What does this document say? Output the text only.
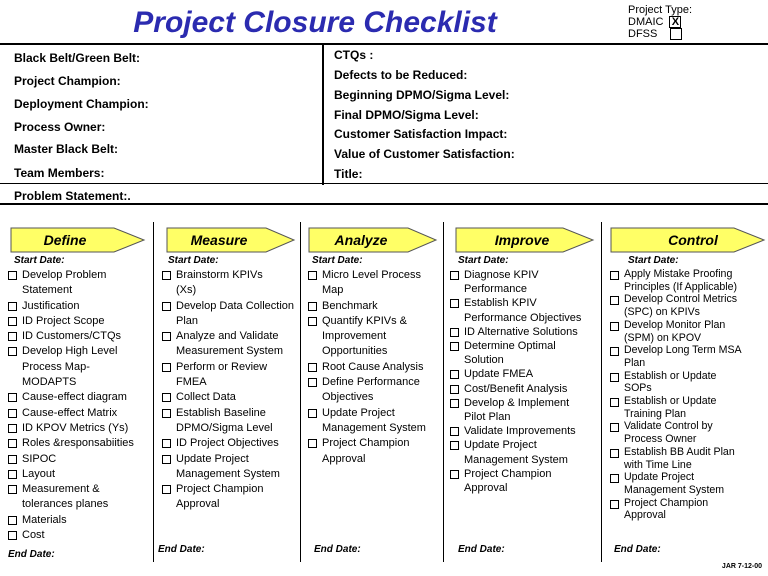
Project Closure Checklist	Project Type:
DMAIC X
DFSS
Black Belt/Green Belt:
Project Champion:
Deployment Champion:
Process Owner:
Master Black Belt:
Team Members:
CTQs :
Defects to be Reduced:
Beginning DPMO/Sigma Level:
Final DPMO/Sigma Level:
Customer Satisfaction Impact:
Value of Customer Satisfaction:
Title:
Problem Statement:.
Define
Start Date:
Develop Problem
Statement
Justification
ID Project Scope
ID Customers/CTQs
Develop High Level
Process Map-
MODAPTS
Cause-effect diagram
Cause-effect Matrix
ID KPOV Metrics (Ys)
Roles &responsabiities
SIPOC
Layout
Measurement &
tolerances planes
Materials
Cost
End Date:
Measure
Start Date:
Brainstorm KPIVs
(Xs)
Develop Data Collection
Plan
Analyze and Validate
Measurement System
Perform or Review
FMEA
Collect Data
Establish Baseline
DPMO/Sigma Level
ID Project Objectives
Update Project
Management System
Project Champion
Approval
End Date:
Analyze
Start Date:
Micro Level Process
Map
Benchmark
Quantify KPIVs &
Improvement
Opportunities
Root Cause Analysis
Define Performance
Objectives
Update Project
Management System
Project Champion
Approval
End Date:
Improve
Start Date:
Diagnose KPIV
Performance
Establish KPIV
Performance Objectives
ID Alternative Solutions
Determine Optimal
Solution
Update FMEA
Cost/Benefit Analysis
Develop & Implement
Pilot Plan
Validate Improvements
Update Project
Management System
Project Champion
Approval
End Date:
Control
Start Date:
Apply Mistake Proofing
Principles (If Applicable)
Develop Control Metrics
(SPC) on KPIVs
Develop Monitor Plan
(SPM) on KPOV
Develop Long Term MSA
Plan
Establish or Update
SOPs
Establish or Update
Training Plan
Validate Control by
Process Owner
Establish BB Audit Plan
with Time Line
Update Project
Management System
Project Champion
Approval
End Date:
JAR 7-12-00
